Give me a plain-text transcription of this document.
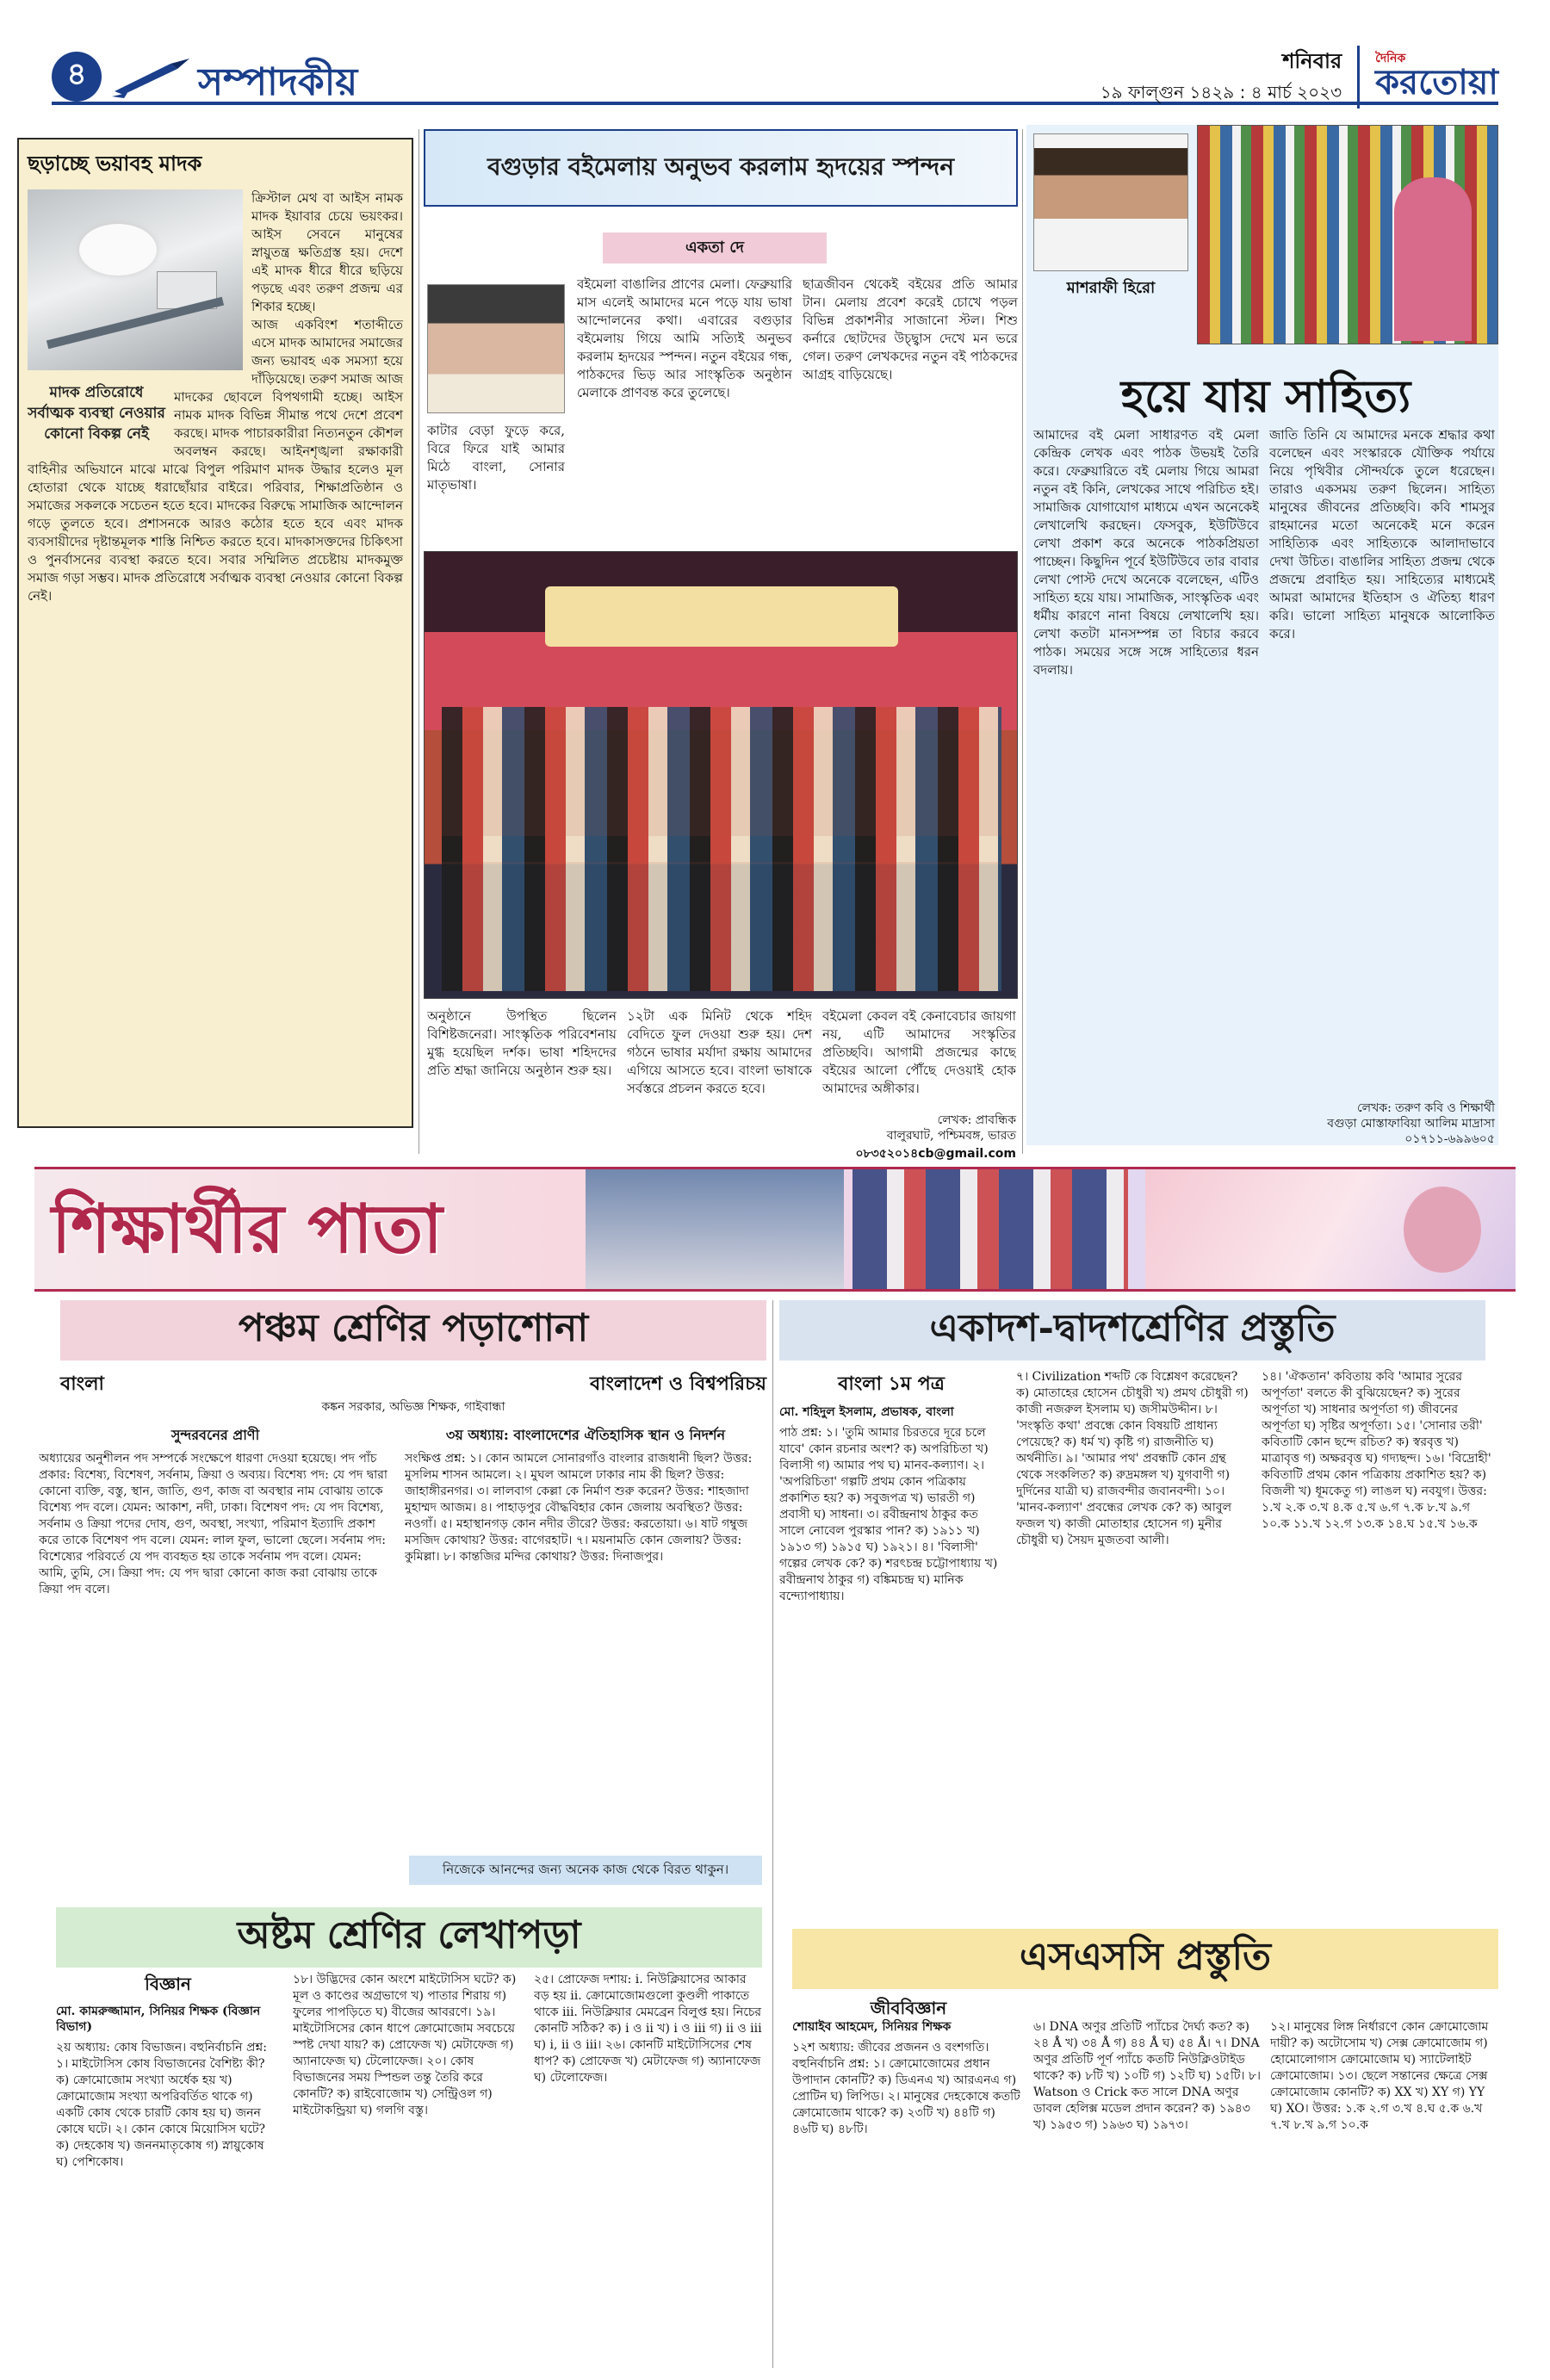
৪	সম্পাদকীয়	শনিবার
১৯ ফাল্গুন ১৪২৯ : ৪ মার্চ ২০২৩
দৈনিক
করতোয়া
ছড়াচ্ছে ভয়াবহ মাদক
ক্রিস্টাল মেথ বা আইস নামক মাদক ইয়াবার চেয়ে ভয়ংকর। আইস সেবনে মানুষের স্নায়ুতন্ত্র ক্ষতিগ্রস্ত হয়। দেশে এই মাদক ধীরে ধীরে ছড়িয়ে পড়ছে এবং তরুণ প্রজন্ম এর শিকার হচ্ছে।
মাদক প্রতিরোধে সর্বাত্মক ব্যবস্থা নেওয়ার কোনো বিকল্প নেই
আজ একবিংশ শতাব্দীতে এসে মাদক আমাদের সমাজের জন্য ভয়াবহ এক সমস্যা হয়ে দাঁড়িয়েছে। তরুণ সমাজ আজ মাদকের ছোবলে বিপথগামী হচ্ছে। আইস নামক মাদক বিভিন্ন সীমান্ত পথে দেশে প্রবেশ করছে। মাদক পাচারকারীরা নিত্যনতুন কৌশল অবলম্বন করছে। আইনশৃঙ্খলা রক্ষাকারী বাহিনীর অভিযানে মাঝে মাঝে বিপুল পরিমাণ মাদক উদ্ধার হলেও মূল হোতারা থেকে যাচ্ছে ধরাছোঁয়ার বাইরে। পরিবার, শিক্ষাপ্রতিষ্ঠান ও সমাজের সকলকে সচেতন হতে হবে। মাদকের বিরুদ্ধে সামাজিক আন্দোলন গড়ে তুলতে হবে। প্রশাসনকে আরও কঠোর হতে হবে এবং মাদক ব্যবসায়ীদের দৃষ্টান্তমূলক শাস্তি নিশ্চিত করতে হবে। মাদকাসক্তদের চিকিৎসা ও পুনর্বাসনের ব্যবস্থা করতে হবে। সবার সম্মিলিত প্রচেষ্টায় মাদকমুক্ত সমাজ গড়া সম্ভব। মাদক প্রতিরোধে সর্বাত্মক ব্যবস্থা নেওয়ার কোনো বিকল্প নেই।
বগুড়ার বইমেলায় অনুভব করলাম হৃদয়ের স্পন্দন
একতা দে
কাটার বেড়া ফুড়ে করে, বিরে ফিরে যাই আমার মিঠে বাংলা, সোনার মাতৃভাষা।
বইমেলা বাঙালির প্রাণের মেলা। ফেব্রুয়ারি মাস এলেই আমাদের মনে পড়ে যায় ভাষা আন্দোলনের কথা। এবারের বগুড়ার বইমেলায় গিয়ে আমি সত্যিই অনুভব করলাম হৃদয়ের স্পন্দন। নতুন বইয়ের গন্ধ, পাঠকদের ভিড় আর সাংস্কৃতিক অনুষ্ঠান মেলাকে প্রাণবন্ত করে তুলেছে।
ছাত্রজীবন থেকেই বইয়ের প্রতি আমার টান। মেলায় প্রবেশ করেই চোখে পড়ল বিভিন্ন প্রকাশনীর সাজানো স্টল। শিশু কর্নারে ছোটদের উচ্ছ্বাস দেখে মন ভরে গেল। তরুণ লেখকদের নতুন বই পাঠকদের আগ্রহ বাড়িয়েছে।
অনুষ্ঠানে উপস্থিত ছিলেন বিশিষ্টজনেরা। সাংস্কৃতিক পরিবেশনায় মুগ্ধ হয়েছিল দর্শক। ভাষা শহিদদের প্রতি শ্রদ্ধা জানিয়ে অনুষ্ঠান শুরু হয়।
১২টা এক মিনিট থেকে শহিদ বেদিতে ফুল দেওয়া শুরু হয়। দেশ গঠনে ভাষার মর্যাদা রক্ষায় আমাদের এগিয়ে আসতে হবে। বাংলা ভাষাকে সর্বস্তরে প্রচলন করতে হবে।
বইমেলা কেবল বই কেনাবেচার জায়গা নয়, এটি আমাদের সংস্কৃতির প্রতিচ্ছবি। আগামী প্রজন্মের কাছে বইয়ের আলো পৌঁছে দেওয়াই হোক আমাদের অঙ্গীকার।
লেখক: প্রাবন্ধিক
বালুরঘাট, পশ্চিমবঙ্গ, ভারত
০৮৩৫২০১৪cb@gmail.com
মাশরাফী হিরো
হয়ে যায় সাহিত্য
আমাদের বই মেলা সাধারণত বই মেলা কেন্দ্রিক লেখক এবং পাঠক উভয়ই তৈরি করে। ফেব্রুয়ারিতে বই মেলায় গিয়ে আমরা নতুন বই কিনি, লেখকের সাথে পরিচিত হই। সামাজিক যোগাযোগ মাধ্যমে এখন অনেকেই লেখালেখি করছেন। ফেসবুক, ইউটিউবে লেখা প্রকাশ করে অনেকে পাঠকপ্রিয়তা পাচ্ছেন। কিছুদিন পূর্বে ইউটিউবে তার বাবার লেখা পোস্ট দেখে অনেকে বলেছেন, এটিও সাহিত্য হয়ে যায়। সামাজিক, সাংস্কৃতিক এবং ধর্মীয় কারণে নানা বিষয়ে লেখালেখি হয়। লেখা কতটা মানসম্পন্ন তা বিচার করবে পাঠক। সময়ের সঙ্গে সঙ্গে সাহিত্যের ধরন বদলায়।
জাতি তিনি যে আমাদের মনকে শ্রদ্ধার কথা বলেছেন এবং সংস্কারকে যৌক্তিক পর্যায়ে নিয়ে পৃথিবীর সৌন্দর্যকে তুলে ধরেছেন। তারাও একসময় তরুণ ছিলেন। সাহিত্য মানুষের জীবনের প্রতিচ্ছবি। কবি শামসুর রাহমানের মতো অনেকেই মনে করেন সাহিত্যিক এবং সাহিত্যকে আলাদাভাবে দেখা উচিত। বাঙালির সাহিত্য প্রজন্ম থেকে প্রজন্মে প্রবাহিত হয়। সাহিত্যের মাধ্যমেই আমরা আমাদের ইতিহাস ও ঐতিহ্য ধারণ করি। ভালো সাহিত্য মানুষকে আলোকিত করে।
লেখক: তরুণ কবি ও শিক্ষার্থী
বগুড়া মোস্তাফাবিয়া আলিম মাদ্রাসা
০১৭১১-৬৯৯৬০৫
শিক্ষার্থীর পাতা
পঞ্চম শ্রেণির পড়াশোনা	একাদশ-দ্বাদশশ্রেণির প্রস্তুতি
অষ্টম শ্রেণির লেখাপড়া	এসএসসি প্রস্তুতি
বাংলা	বাংলাদেশ ও বিশ্বপরিচয়
কঙ্কন সরকার, অভিজ্ঞ শিক্ষক, গাইবান্ধা
সুন্দরবনের প্রাণী
অধ্যায়ের অনুশীলন পদ সম্পর্কে সংক্ষেপে ধারণা দেওয়া হয়েছে। পদ পাঁচ প্রকার: বিশেষ্য, বিশেষণ, সর্বনাম, ক্রিয়া ও অব্যয়। বিশেষ্য পদ: যে পদ দ্বারা কোনো ব্যক্তি, বস্তু, স্থান, জাতি, গুণ, কাজ বা অবস্থার নাম বোঝায় তাকে বিশেষ্য পদ বলে। যেমন: আকাশ, নদী, ঢাকা। বিশেষণ পদ: যে পদ বিশেষ্য, সর্বনাম ও ক্রিয়া পদের দোষ, গুণ, অবস্থা, সংখ্যা, পরিমাণ ইত্যাদি প্রকাশ করে তাকে বিশেষণ পদ বলে। যেমন: লাল ফুল, ভালো ছেলে। সর্বনাম পদ: বিশেষ্যের পরিবর্তে যে পদ ব্যবহৃত হয় তাকে সর্বনাম পদ বলে। যেমন: আমি, তুমি, সে। ক্রিয়া পদ: যে পদ দ্বারা কোনো কাজ করা বোঝায় তাকে ক্রিয়া পদ বলে।
৩য় অধ্যায়: বাংলাদেশের ঐতিহাসিক স্থান ও নিদর্শন
সংক্ষিপ্ত প্রশ্ন: ১। কোন আমলে সোনারগাঁও বাংলার রাজধানী ছিল? উত্তর: মুসলিম শাসন আমলে। ২। মুঘল আমলে ঢাকার নাম কী ছিল? উত্তর: জাহাঙ্গীরনগর। ৩। লালবাগ কেল্লা কে নির্মাণ শুরু করেন? উত্তর: শাহজাদা মুহাম্মদ আজম। ৪। পাহাড়পুর বৌদ্ধবিহার কোন জেলায় অবস্থিত? উত্তর: নওগাঁ। ৫। মহাস্থানগড় কোন নদীর তীরে? উত্তর: করতোয়া। ৬। ষাট গম্বুজ মসজিদ কোথায়? উত্তর: বাগেরহাট। ৭। ময়নামতি কোন জেলায়? উত্তর: কুমিল্লা। ৮। কান্তজির মন্দির কোথায়? উত্তর: দিনাজপুর।
নিজেকে আনন্দের জন্য অনেক কাজ থেকে বিরত থাকুন।
বাংলা ১ম পত্র
মো. শহিদুল ইসলাম, প্রভাষক, বাংলা
পাঠ প্রশ্ন: ১। 'তুমি আমার চিরতরে দূরে চলে যাবে' কোন রচনার অংশ? ক) অপরিচিতা খ) বিলাসী গ) আমার পথ ঘ) মানব-কল্যাণ। ২। 'অপরিচিতা' গল্পটি প্রথম কোন পত্রিকায় প্রকাশিত হয়? ক) সবুজপত্র খ) ভারতী গ) প্রবাসী ঘ) সাধনা। ৩। রবীন্দ্রনাথ ঠাকুর কত সালে নোবেল পুরস্কার পান? ক) ১৯১১ খ) ১৯১৩ গ) ১৯১৫ ঘ) ১৯২১। ৪। 'বিলাসী' গল্পের লেখক কে? ক) শরৎচন্দ্র চট্টোপাধ্যায় খ) রবীন্দ্রনাথ ঠাকুর গ) বঙ্কিমচন্দ্র ঘ) মানিক বন্দ্যোপাধ্যায়।
৭। Civilization শব্দটি কে বিশ্লেষণ করেছেন? ক) মোতাহের হোসেন চৌধুরী খ) প্রমথ চৌধুরী গ) কাজী নজরুল ইসলাম ঘ) জসীমউদ্দীন। ৮। 'সংস্কৃতি কথা' প্রবন্ধে কোন বিষয়টি প্রাধান্য পেয়েছে? ক) ধর্ম খ) কৃষ্টি গ) রাজনীতি ঘ) অর্থনীতি। ৯। 'আমার পথ' প্রবন্ধটি কোন গ্রন্থ থেকে সংকলিত? ক) রুদ্রমঙ্গল খ) যুগবাণী গ) দুর্দিনের যাত্রী ঘ) রাজবন্দীর জবানবন্দী। ১০। 'মানব-কল্যাণ' প্রবন্ধের লেখক কে? ক) আবুল ফজল খ) কাজী মোতাহার হোসেন গ) মুনীর চৌধুরী ঘ) সৈয়দ মুজতবা আলী।
১৪। 'ঐকতান' কবিতায় কবি 'আমার সুরের অপূর্ণতা' বলতে কী বুঝিয়েছেন? ক) সুরের অপূর্ণতা খ) সাধনার অপূর্ণতা গ) জীবনের অপূর্ণতা ঘ) সৃষ্টির অপূর্ণতা। ১৫। 'সোনার তরী' কবিতাটি কোন ছন্দে রচিত? ক) স্বরবৃত্ত খ) মাত্রাবৃত্ত গ) অক্ষরবৃত্ত ঘ) গদ্যছন্দ। ১৬। 'বিদ্রোহী' কবিতাটি প্রথম কোন পত্রিকায় প্রকাশিত হয়? ক) বিজলী খ) ধূমকেতু গ) লাঙল ঘ) নবযুগ। উত্তর: ১.খ ২.ক ৩.খ ৪.ক ৫.খ ৬.গ ৭.ক ৮.খ ৯.গ ১০.ক ১১.খ ১২.গ ১৩.ক ১৪.ঘ ১৫.খ ১৬.ক
বিজ্ঞান
মো. কামরুজ্জামান, সিনিয়র শিক্ষক (বিজ্ঞান বিভাগ)
২য় অধ্যায়: কোষ বিভাজন। বহুনির্বাচনি প্রশ্ন: ১। মাইটোসিস কোষ বিভাজনের বৈশিষ্ট্য কী? ক) ক্রোমোজোম সংখ্যা অর্ধেক হয় খ) ক্রোমোজোম সংখ্যা অপরিবর্তিত থাকে গ) একটি কোষ থেকে চারটি কোষ হয় ঘ) জনন কোষে ঘটে। ২। কোন কোষে মিয়োসিস ঘটে? ক) দেহকোষ খ) জননমাতৃকোষ গ) স্নায়ুকোষ ঘ) পেশিকোষ।
১৮। উদ্ভিদের কোন অংশে মাইটোসিস ঘটে? ক) মূল ও কাণ্ডের অগ্রভাগে খ) পাতার শিরায় গ) ফুলের পাপড়িতে ঘ) বীজের আবরণে। ১৯। মাইটোসিসের কোন ধাপে ক্রোমোজোম সবচেয়ে স্পষ্ট দেখা যায়? ক) প্রোফেজ খ) মেটাফেজ গ) অ্যানাফেজ ঘ) টেলোফেজ। ২০। কোষ বিভাজনের সময় স্পিন্ডল তন্তু তৈরি করে কোনটি? ক) রাইবোজোম খ) সেন্ট্রিওল গ) মাইটোকন্ড্রিয়া ঘ) গলগি বস্তু।
২৫। প্রোফেজ দশায়: i. নিউক্লিয়াসের আকার বড় হয় ii. ক্রোমোজোমগুলো কুণ্ডলী পাকাতে থাকে iii. নিউক্লিয়ার মেমব্রেন বিলুপ্ত হয়। নিচের কোনটি সঠিক? ক) i ও ii খ) i ও iii গ) ii ও iii ঘ) i, ii ও iii। ২৬। কোনটি মাইটোসিসের শেষ ধাপ? ক) প্রোফেজ খ) মেটাফেজ গ) অ্যানাফেজ ঘ) টেলোফেজ।
জীববিজ্ঞান
শোয়াইব আহমেদ, সিনিয়র শিক্ষক
১২শ অধ্যায়: জীবের প্রজনন ও বংশগতি। বহুনির্বাচনি প্রশ্ন: ১। ক্রোমোজোমের প্রধান উপাদান কোনটি? ক) ডিএনএ খ) আরএনএ গ) প্রোটিন ঘ) লিপিড। ২। মানুষের দেহকোষে কতটি ক্রোমোজোম থাকে? ক) ২৩টি খ) ৪৪টি গ) ৪৬টি ঘ) ৪৮টি।
৬। DNA অণুর প্রতিটি প্যাঁচের দৈর্ঘ্য কত? ক) ২৪ Å খ) ৩৪ Å গ) ৪৪ Å ঘ) ৫৪ Å। ৭। DNA অণুর প্রতিটি পূর্ণ প্যাঁচে কতটি নিউক্লিওটাইড থাকে? ক) ৮টি খ) ১০টি গ) ১২টি ঘ) ১৫টি। ৮। Watson ও Crick কত সালে DNA অণুর ডাবল হেলিক্স মডেল প্রদান করেন? ক) ১৯৪৩ খ) ১৯৫৩ গ) ১৯৬৩ ঘ) ১৯৭৩।
১২। মানুষের লিঙ্গ নির্ধারণে কোন ক্রোমোজোম দায়ী? ক) অটোসোম খ) সেক্স ক্রোমোজোম গ) হোমোলোগাস ক্রোমোজোম ঘ) স্যাটেলাইট ক্রোমোজোম। ১৩। ছেলে সন্তানের ক্ষেত্রে সেক্স ক্রোমোজোম কোনটি? ক) XX খ) XY গ) YY ঘ) XO। উত্তর: ১.ক ২.গ ৩.খ ৪.ঘ ৫.ক ৬.খ ৭.খ ৮.খ ৯.গ ১০.ক
